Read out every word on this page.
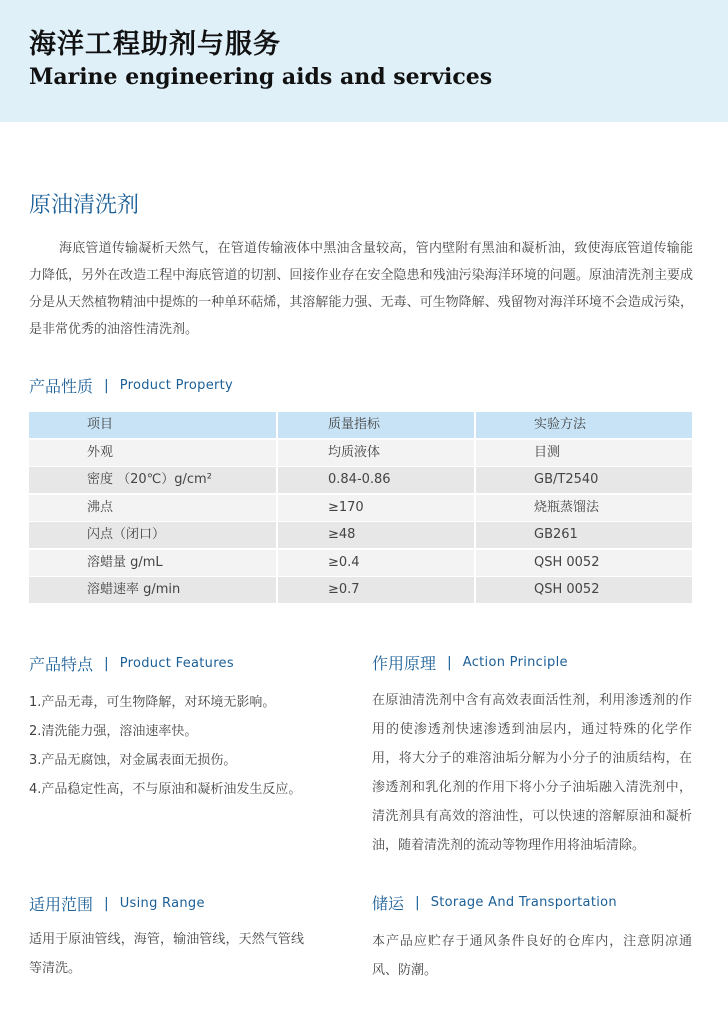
海洋工程助剂与服务
Marine engineering aids and services
原油清洗剂

海底管道传输凝析天然气，在管道传输液体中黑油含量较高，管内壁附有黑油和凝析油，致使海底管道传输能力降低，另外在改造工程中海底管道的切割、回接作业存在安全隐患和残油污染海洋环境的问题。原油清洗剂主要成分是从天然植物精油中提炼的一种单环萜烯，其溶解能力强、无毒、可生物降解、残留物对海洋环境不会造成污染，是非常优秀的油溶性清洗剂。

产品性质 | Product Property
项目	质量指标	实验方法
外观	均质液体	目测
密度 （20℃）g/cm²	0.84-0.86	GB/T2540
沸点	≥170	烧瓶蒸馏法
闪点（闭口）	≥48	GB261
溶蜡量 g/mL	≥0.4	QSH 0052
溶蜡速率 g/min	≥0.7	QSH 0052
产品特点 | Product Features
1.产品无毒，可生物降解，对环境无影响。
2.清洗能力强，溶油速率快。
3.产品无腐蚀，对金属表面无损伤。
4.产品稳定性高，不与原油和凝析油发生反应。
作用原理 | Action Principle

在原油清洗剂中含有高效表面活性剂，利用渗透剂的作用的使渗透剂快速渗透到油层内，通过特殊的化学作用，将大分子的难溶油垢分解为小分子的油质结构，在渗透剂和乳化剂的作用下将小分子油垢融入清洗剂中，清洗剂具有高效的溶油性，可以快速的溶解原油和凝析油，随着清洗剂的流动等物理作用将油垢清除。

适用范围 | Using Range

适用于原油管线，海管，输油管线，天然气管线等清洗。

储运 | Storage And Transportation

本产品应贮存于通风条件良好的仓库内，注意阴凉通风、防潮。
